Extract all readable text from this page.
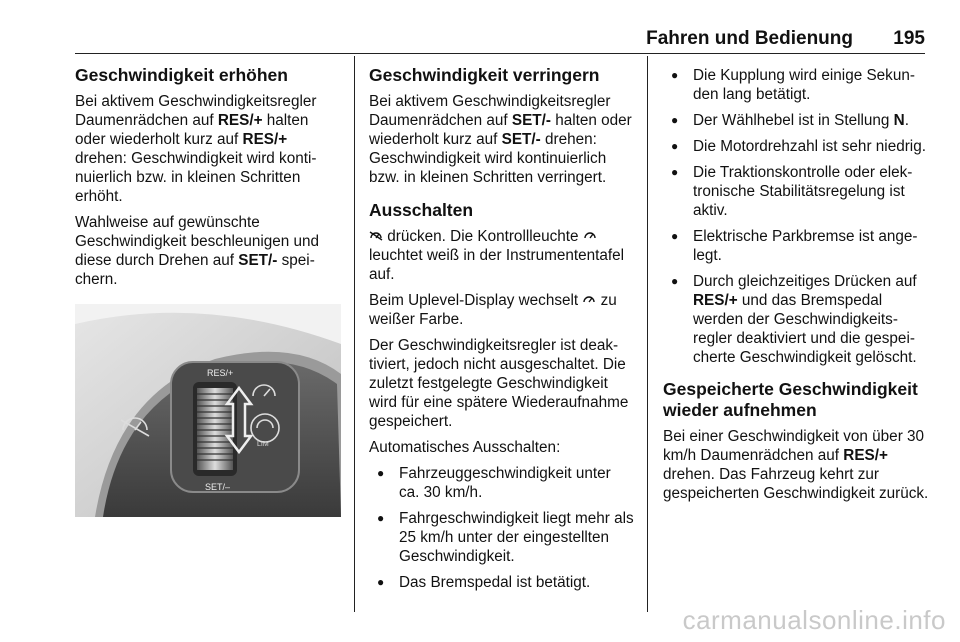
Fahren und Bedienung 195
Geschwindigkeit erhöhen

Bei aktivem Geschwindigkeitsregler Daumenrädchen auf RES/+ halten oder wiederholt kurz auf RES/+ drehen: Geschwindigkeit wird kontinuierlich bzw. in kleinen Schritten erhöht.

Wahlweise auf gewünschte Geschwindigkeit beschleunigen und diese durch Drehen auf SET/- speichern.

RES/+
SET/–
LIM
Geschwindigkeit verringern

Bei aktivem Geschwindigkeitsregler Daumenrädchen auf SET/- halten oder wiederholt kurz auf SET/- drehen: Geschwindigkeit wird kontinuierlich bzw. in kleinen Schritten verringert.

Ausschalten

drücken. Die Kontrollleuchte  leuchtet weiß in der Instrumententafel auf.

Beim Uplevel-Display wechselt  zu weißer Farbe.

Der Geschwindigkeitsregler ist deaktiviert, jedoch nicht ausgeschaltet. Die zuletzt festgelegte Geschwindigkeit wird für eine spätere Wiederaufnahme gespeichert.

Automatisches Ausschalten:

● Fahrzeuggeschwindigkeit unter ca. 30 km/h.
● Fahrgeschwindigkeit liegt mehr als 25 km/h unter der eingestellten Geschwindigkeit.
● Das Bremspedal ist betätigt.
● Die Kupplung wird einige Sekunden lang betätigt.
● Der Wählhebel ist in Stellung N.
● Die Motordrehzahl ist sehr niedrig.
● Die Traktionskontrolle oder elektronische Stabilitätsregelung ist aktiv.
● Elektrische Parkbremse ist angelegt.
● Durch gleichzeitiges Drücken auf RES/+ und das Bremspedal werden der Geschwindigkeitsregler deaktiviert und die gespeicherte Geschwindigkeit gelöscht.
Gespeicherte Geschwindigkeit wieder aufnehmen

Bei einer Geschwindigkeit von über 30 km/h Daumenrädchen auf RES/+ drehen. Das Fahrzeug kehrt zur gespeicherten Geschwindigkeit zurück.

carmanualsonline.info
